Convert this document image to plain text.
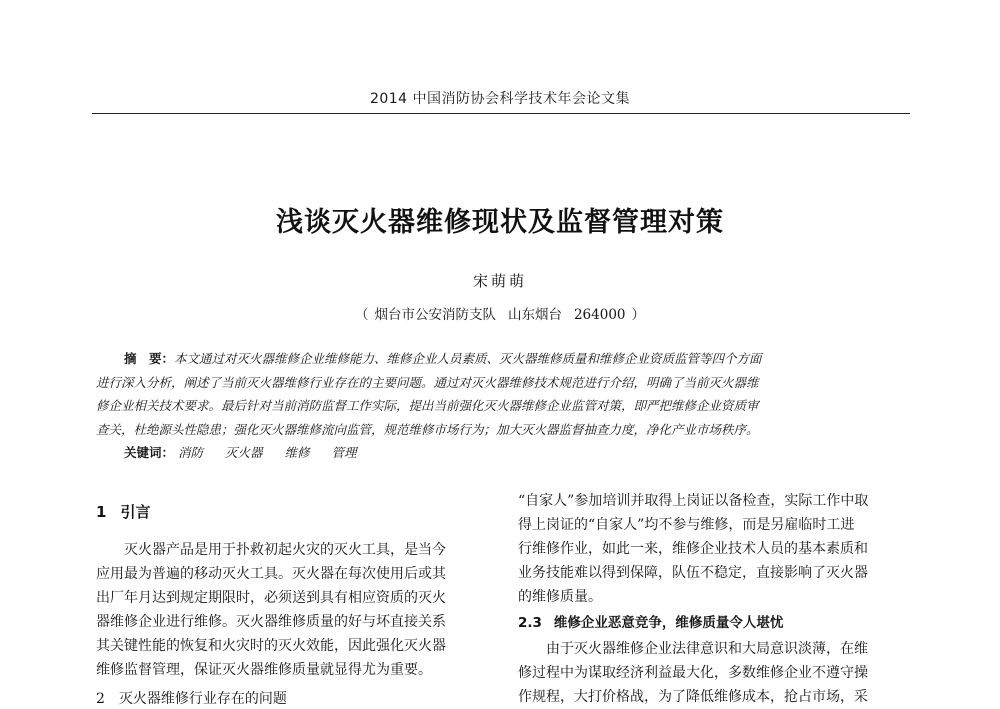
2014 中国消防协会科学技术年会论文集
浅谈灭火器维修现状及监督管理对策
宋萌萌
（ 烟台市公安消防支队 山东烟台 264000 ）
摘　要：本文通过对灭火器维修企业维修能力、维修企业人员素质、灭火器维修质量和维修企业资质监管等四个方面
进行深入分析，阐述了当前灭火器维修行业存在的主要问题。通过对灭火器维修技术规范进行介绍，明确了当前灭火器维
修企业相关技术要求。最后针对当前消防监督工作实际，提出当前强化灭火器维修企业监管对策，即严把维修企业资质审
查关，杜绝源头性隐患；强化灭火器维修流向监管，规范维修市场行为；加大灭火器监督抽查力度，净化产业市场秩序。
关键词： 消防 灭火器 维修 管理
1 引言
灭火器产品是用于扑救初起火灾的灭火工具，是当今
应用最为普遍的移动灭火工具。灭火器在每次使用后或其
出厂年月达到规定期限时，必须送到具有相应资质的灭火
器维修企业进行维修。灭火器维修质量的好与坏直接关系
其关键性能的恢复和火灾时的灭火效能，因此强化灭火器
维修监督管理，保证灭火器维修质量就显得尤为重要。
2　灭火器维修行业存在的问题
“自家人”参加培训并取得上岗证以备检查，实际工作中取
得上岗证的“自家人”均不参与维修，而是另雇临时工进
行维修作业，如此一来，维修企业技术人员的基本素质和
业务技能难以得到保障，队伍不稳定，直接影响了灭火器
的维修质量。
2.3 维修企业恶意竞争，维修质量令人堪忧
由于灭火器维修企业法律意识和大局意识淡薄，在维
修过程中为谋取经济利益最大化，多数维修企业不遵守操
作规程，大打价格战，为了降低维修成本，抢占市场，采
